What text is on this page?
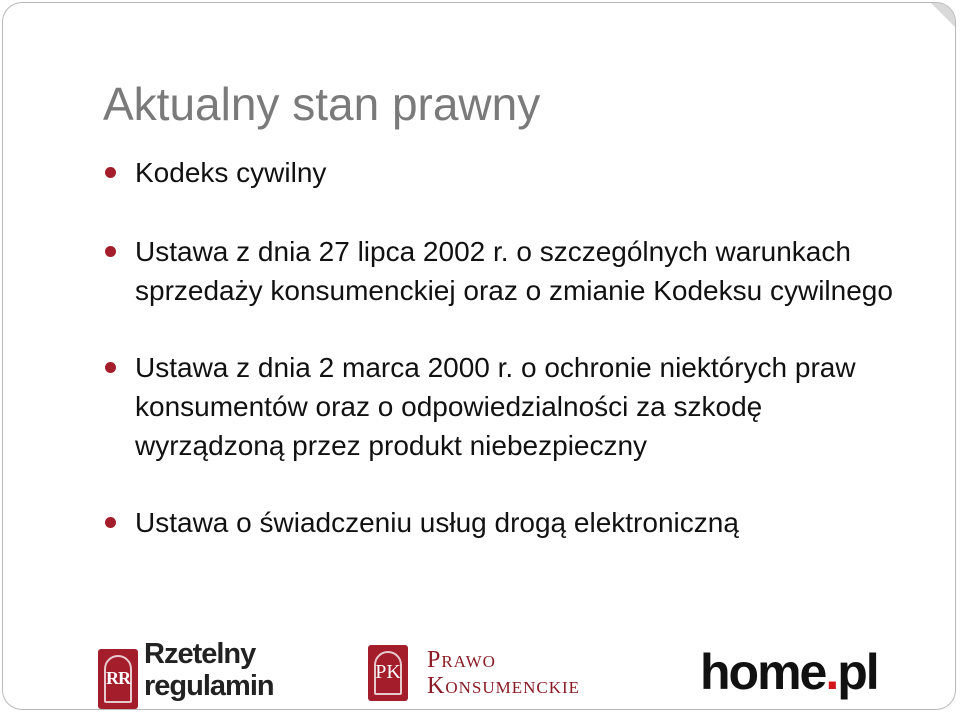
Aktualny stan prawny
Kodeks cywilny
Ustawa z dnia 27 lipca 2002 r. o szczególnych warunkach sprzedaży konsumenckiej oraz o zmianie Kodeksu cywilnego
Ustawa z dnia 2 marca 2000 r. o ochronie niektórych praw konsumentów oraz o odpowiedzialności za szkodę wyrządzoną przez produkt niebezpieczny
Ustawa o świadczeniu usług drogą elektroniczną
RR
Rzetelny
regulamin	PK Prawo
Konsumenckie home.pl
